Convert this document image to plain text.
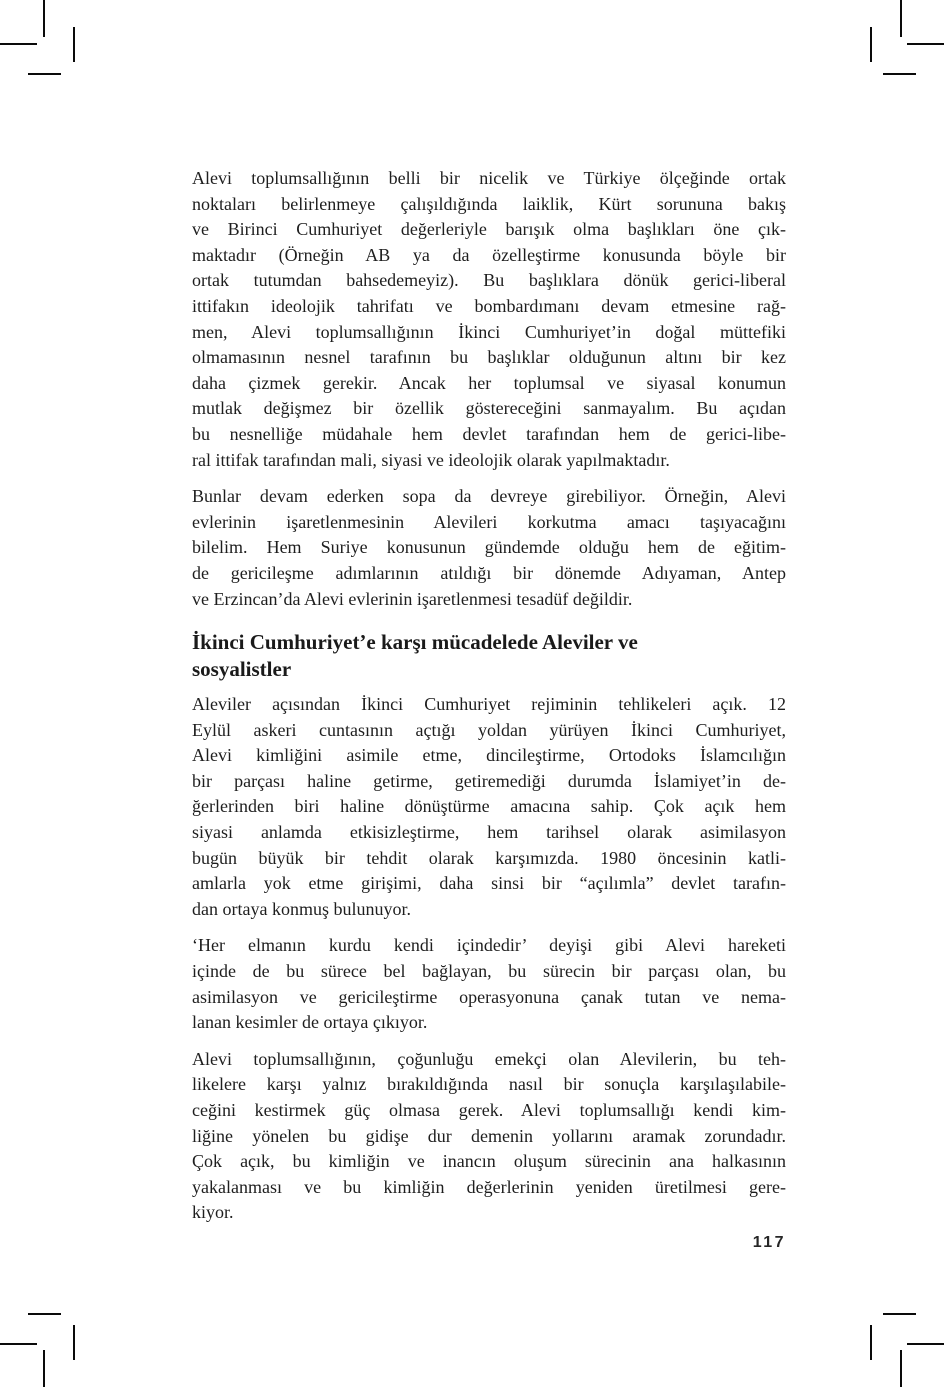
Alevi toplumsallığının belli bir nicelik ve Türkiye ölçeğinde ortak
noktaları belirlenmeye çalışıldığında laiklik, Kürt sorununa bakış
ve Birinci Cumhuriyet değerleriyle barışık olma başlıkları öne çık-
maktadır (Örneğin AB ya da özelleştirme konusunda böyle bir
ortak tutumdan bahsedemeyiz). Bu başlıklara dönük gerici-liberal
ittifakın ideolojik tahrifatı ve bombardımanı devam etmesine rağ-
men, Alevi toplumsallığının İkinci Cumhuriyet’in doğal müttefiki
olmamasının nesnel tarafının bu başlıklar olduğunun altını bir kez
daha çizmek gerekir. Ancak her toplumsal ve siyasal konumun
mutlak değişmez bir özellik göstereceğini sanmayalım. Bu açıdan
bu nesnelliğe müdahale hem devlet tarafından hem de gerici-libe-
ral ittifak tarafından mali, siyasi ve ideolojik olarak yapılmaktadır.
Bunlar devam ederken sopa da devreye girebiliyor. Örneğin, Alevi
evlerinin işaretlenmesinin Alevileri korkutma amacı taşıyacağını
bilelim. Hem Suriye konusunun gündemde olduğu hem de eğitim-
de gericileşme adımlarının atıldığı bir dönemde Adıyaman, Antep
ve Erzincan’da Alevi evlerinin işaretlenmesi tesadüf değildir.
İkinci Cumhuriyet’e karşı mücadelede Aleviler ve
sosyalistler
Aleviler açısından İkinci Cumhuriyet rejiminin tehlikeleri açık. 12
Eylül askeri cuntasının açtığı yoldan yürüyen İkinci Cumhuriyet,
Alevi kimliğini asimile etme, dincileştirme, Ortodoks İslamcılığın
bir parçası haline getirme, getiremediği durumda İslamiyet’in de-
ğerlerinden biri haline dönüştürme amacına sahip. Çok açık hem
siyasi anlamda etkisizleştirme, hem tarihsel olarak asimilasyon
bugün büyük bir tehdit olarak karşımızda. 1980 öncesinin katli-
amlarla yok etme girişimi, daha sinsi bir “açılımla” devlet tarafın-
dan ortaya konmuş bulunuyor.
‘Her elmanın kurdu kendi içindedir’ deyişi gibi Alevi hareketi
içinde de bu sürece bel bağlayan, bu sürecin bir parçası olan, bu
asimilasyon ve gericileştirme operasyonuna çanak tutan ve nema-
lanan kesimler de ortaya çıkıyor.
Alevi toplumsallığının, çoğunluğu emekçi olan Alevilerin, bu teh-
likelere karşı yalnız bırakıldığında nasıl bir sonuçla karşılaşılabile-
ceğini kestirmek güç olmasa gerek. Alevi toplumsallığı kendi kim-
liğine yönelen bu gidişe dur demenin yollarını aramak zorundadır.
Çok açık, bu kimliğin ve inancın oluşum sürecinin ana halkasının
yakalanması ve bu kimliğin değerlerinin yeniden üretilmesi gere-
kiyor.
117
